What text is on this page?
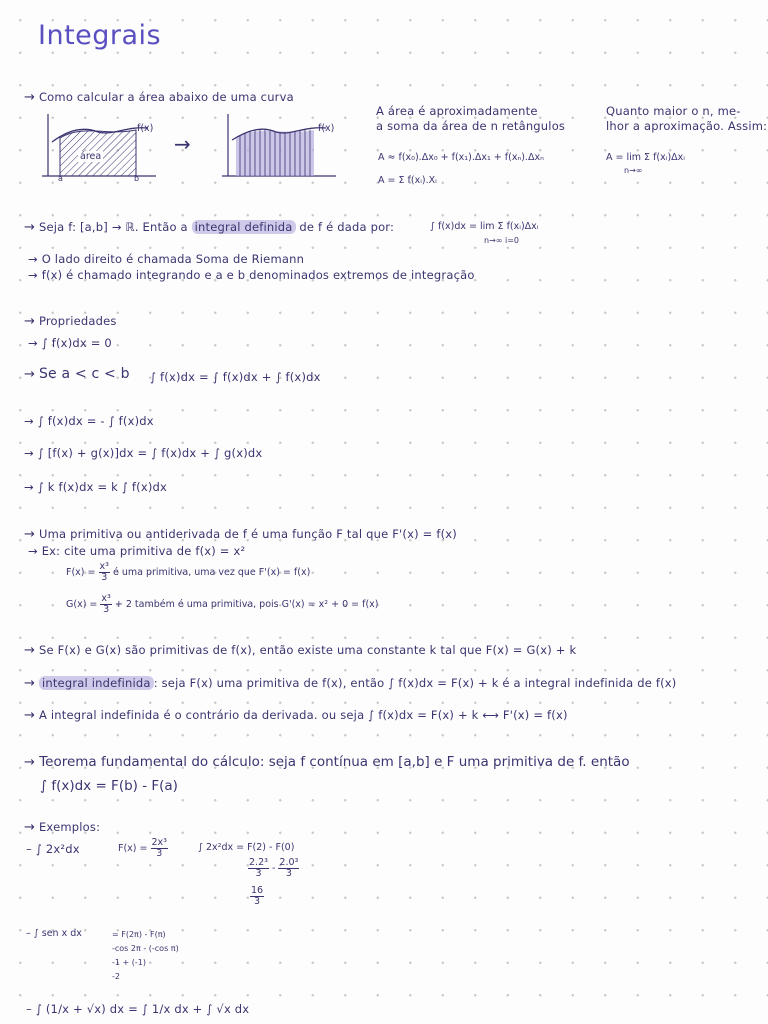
Integrais
→ Como calcular a área abaixo de uma curva
f(x)
área
a	b
→
f(x)
A área é aproximadamente
a soma da área de n retângulos
A ≈ f(x₀).Δx₀ + f(x₁).Δx₁ + f(xₙ).Δxₙ
A = Σ f(xᵢ).Xᵢ
Quanto maior o n, me-
lhor a aproximação. Assim:
A = lim Σ f(xᵢ)Δxᵢ
n→∞
→ Seja f: [a,b] → ℝ. Então a integral definida de f é dada por:	∫ f(x)dx = lim Σ f(xᵢ)Δxᵢ
n→∞ i=0
→ O lado direito é chamada Soma de Riemann
→ f(x) é chamado integrando e a e b denominados extremos de integração
→ Propriedades
→ ∫ f(x)dx = 0
→ Se a < c < b ∫ f(x)dx = ∫ f(x)dx + ∫ f(x)dx
→ ∫ f(x)dx = - ∫ f(x)dx
→ ∫ [f(x) + g(x)]dx = ∫ f(x)dx + ∫ g(x)dx
→ ∫ k f(x)dx = k ∫ f(x)dx
→ Uma primitiva ou antiderivada de f é uma função F tal que F'(x) = f(x)
→ Ex: cite uma primitiva de f(x) = x²
$F(x) = \frac{\text{x³}}{3}$ é uma primitiva, uma vez que F'(x) = f(x)
$G(x) = \frac{\text{x³}}{3} + 2$ também é uma primitiva, pois G'(x) = x² + 0 = f(x)
→ Se F(x) e G(x) são primitivas de f(x), então existe uma constante k tal que F(x) = G(x) + k
→ integral indefinida : seja F(x) uma primitiva de f(x), então ∫ f(x)dx = F(x) + k é a integral indefinida de f(x)
→ A integral indefinida é o contrário da derivada. ou seja ∫ f(x)dx = F(x) + k ⟷ F'(x) = f(x)
→ Teorema fundamental do cálculo: seja f contínua em [a,b] e F uma primitiva de f. então
∫ f(x)dx = F(b) - F(a)
→ Exemplos:
– ∫ 2x²dx	$F(x) = \frac{\text{2x³}}{3}$	∫ 2x²dx = F(2) - F(0)
$\frac{\text{2.2³}}{3} - \frac{\text{2.0³}}{3}$
$\frac{16}{3}$
– ∫ sen x dx	= F(2π) - F(π)
-cos 2π - (-cos π)
-1 + (-1)
-2
– ∫ (1/x + √x) dx = ∫ 1/x dx + ∫ √x dx
